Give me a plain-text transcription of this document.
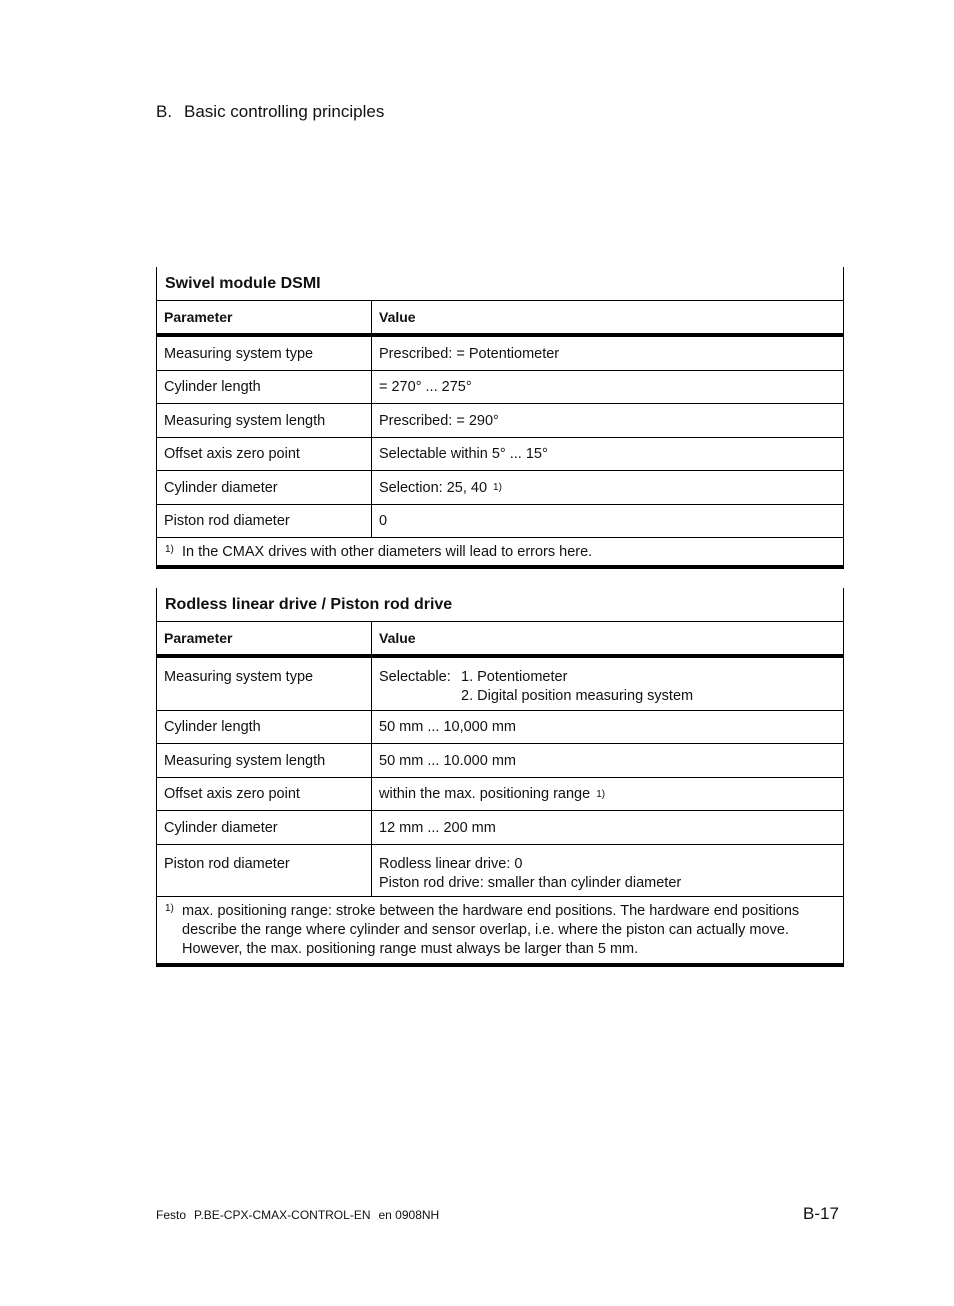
B. Basic controlling principles
Swivel module DSMI
Parameter	Value
Measuring system type	Prescribed: = Potentiometer
Cylinder length	= 270° ... 275°
Measuring system length	Prescribed: = 290°
Offset axis zero point	Selectable within 5° ... 15°
Cylinder diameter	Selection: 25, 40 1)
Piston rod diameter	0
1) In the CMAX drives with other diameters will lead to errors here.
Rodless linear drive / Piston rod drive
Parameter	Value
Measuring system type	Selectable: 1. Potentiometer
2. Digital position measuring system
Cylinder length	50 mm ... 10,000 mm
Measuring system length	50 mm ... 10.000 mm
Offset axis zero point	within the max. positioning range 1)
Cylinder diameter	12 mm ... 200 mm
Piston rod diameter	Rodless linear drive: 0
Piston rod drive: smaller than cylinder diameter
1) max. positioning range: stroke between the hardware end positions. The hardware end positions
describe the range where cylinder and sensor overlap, i.e. where the piston can actually move.
However, the max. positioning range must always be larger than 5 mm.
Festo P.BE-CPX-CMAX-CONTROL-EN en 0908NH	B-17
